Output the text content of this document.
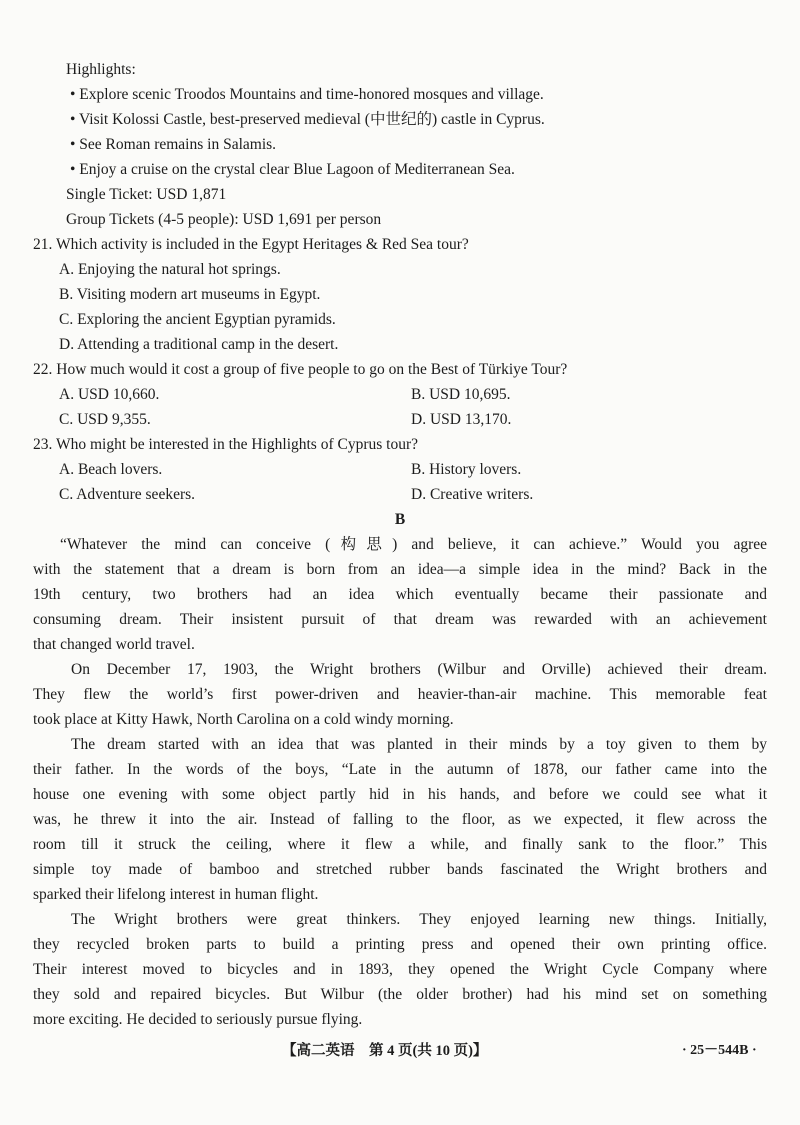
Highlights:
• Explore scenic Troodos Mountains and time-honored mosques and village.
• Visit Kolossi Castle, best-preserved medieval (中世纪的) castle in Cyprus.
• See Roman remains in Salamis.
• Enjoy a cruise on the crystal clear Blue Lagoon of Mediterranean Sea.
Single Ticket: USD 1,871
Group Tickets (4-5 people): USD 1,691 per person
21. Which activity is included in the Egypt Heritages & Red Sea tour?
A. Enjoying the natural hot springs.
B. Visiting modern art museums in Egypt.
C. Exploring the ancient Egyptian pyramids.
D. Attending a traditional camp in the desert.
22. How much would it cost a group of five people to go on the Best of Türkiye Tour?
A. USD 10,660.	B. USD 10,695.
C. USD 9,355.	D. USD 13,170.
23. Who might be interested in the Highlights of Cyprus tour?
A. Beach lovers.	B. History lovers.
C. Adventure seekers.	D. Creative writers.
B
“Whatever the mind can conceive (构思) and believe, it can achieve.” Would you agree
with the statement that a dream is born from an idea—a simple idea in the mind? Back in the
19th century, two brothers had an idea which eventually became their passionate and
consuming dream. Their insistent pursuit of that dream was rewarded with an achievement
that changed world travel.
On December 17, 1903, the Wright brothers (Wilbur and Orville) achieved their dream.
They flew the world’s first power-driven and heavier-than-air machine. This memorable feat
took place at Kitty Hawk, North Carolina on a cold windy morning.
The dream started with an idea that was planted in their minds by a toy given to them by
their father. In the words of the boys, “Late in the autumn of 1878, our father came into the
house one evening with some object partly hid in his hands, and before we could see what it
was, he threw it into the air. Instead of falling to the floor, as we expected, it flew across the
room till it struck the ceiling, where it flew a while, and finally sank to the floor.” This
simple toy made of bamboo and stretched rubber bands fascinated the Wright brothers and
sparked their lifelong interest in human flight.
The Wright brothers were great thinkers. They enjoyed learning new things. Initially,
they recycled broken parts to build a printing press and opened their own printing office.
Their interest moved to bicycles and in 1893, they opened the Wright Cycle Company where
they sold and repaired bicycles. But Wilbur (the older brother) had his mind set on something
more exciting. He decided to seriously pursue flying.
【高二英语　第 4 页(共 10 页)】	· 25－544B ·
